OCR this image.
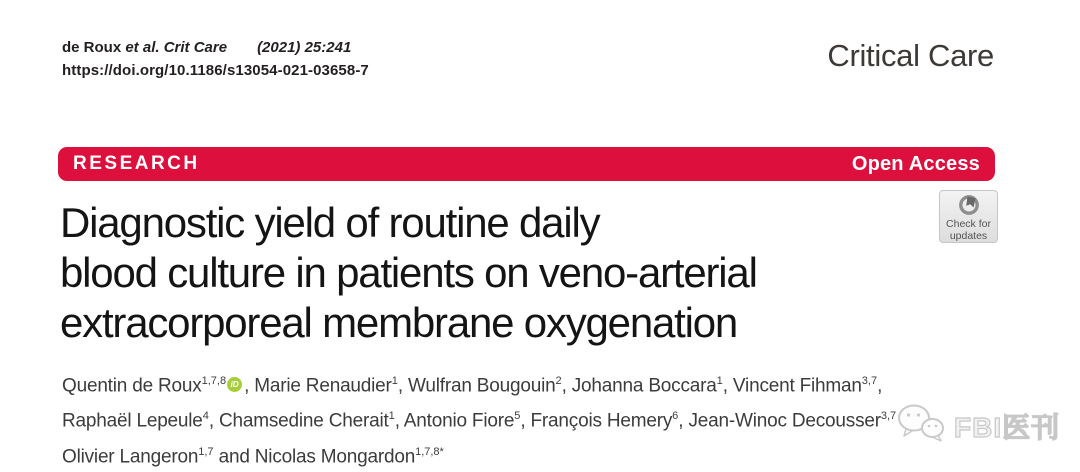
de Roux et al. Crit Care (2021) 25:241
https://doi.org/10.1186/s13054-021-03658-7	Critical Care
RESEARCH	Open Access
Check for
updates
Diagnostic yield of routine daily
blood culture in patients on veno-arterial
extracorporeal membrane oxygenation
Quentin de Roux$^{1,7,8}$ iD , Marie Renaudier$^1$, Wulfran Bougouin$^2$, Johanna Boccara$^1$, Vincent Fihman$^{3,7}$,
Raphaël Lepeule$^4$, Chamsedine Cherait$^1$, Antonio Fiore$^5$, François Hemery$^6$, Jean-Winoc Decousser$^{3,7}$
Olivier Langeron$^{1,7}$ and Nicolas Mongardon$^{1,7,8*}$
FBI医刊
